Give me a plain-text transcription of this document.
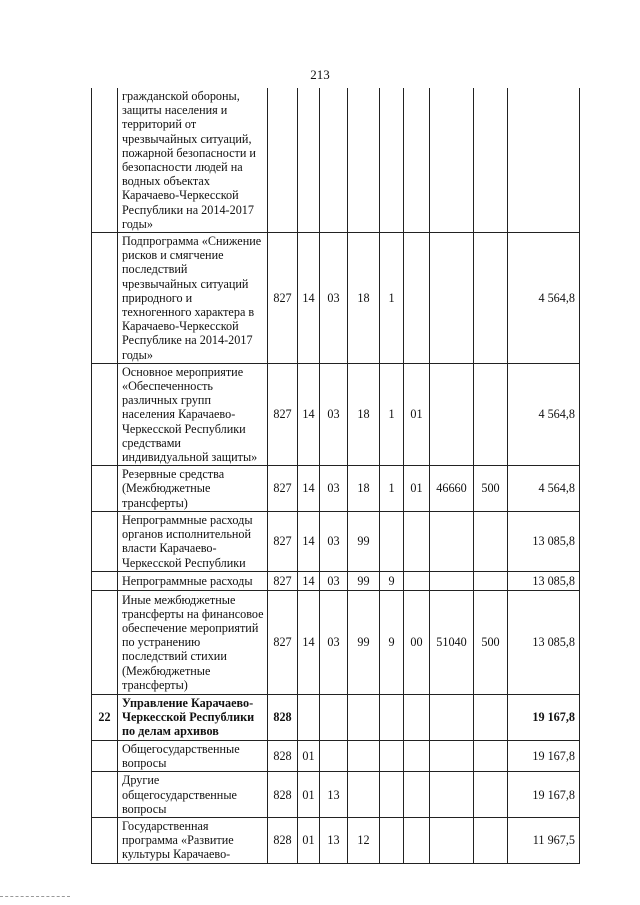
213
	гражданской обороны, защиты населения и территорий от чрезвычайных ситуаций, пожарной безопасности и безопасности людей на водных объектах Карачаево-Черкесской Республики на 2014-2017 годы»									
	Подпрограмма «Снижение рисков и смягчение последствий чрезвычайных ситуаций природного и техногенного характера в Карачаево-Черкесской Республике на 2014-2017 годы»	827	14	03	18	1				4 564,8
	Основное мероприятие «Обеспеченность различных групп населения Карачаево-Черкесской Республики средствами индивидуальной защиты»	827	14	03	18	1	01			4 564,8
	Резервные средства (Межбюджетные трансферты)	827	14	03	18	1	01	46660	500	4 564,8
	Непрограммные расходы органов исполнительной власти Карачаево-Черкесской Республики	827	14	03	99					13 085,8
	Непрограммные расходы	827	14	03	99	9				13 085,8
	Иные межбюджетные трансферты на финансовое обеспечение мероприятий по устранению последствий стихии (Межбюджетные трансферты)	827	14	03	99	9	00	51040	500	13 085,8
22	Управление Карачаево-Черкесской Республики по делам архивов	828								19 167,8
	Общегосударственные вопросы	828	01							19 167,8
	Другие общегосударственные вопросы	828	01	13						19 167,8
	Государственная программа «Развитие культуры Карачаево-	828	01	13	12					11 967,5
